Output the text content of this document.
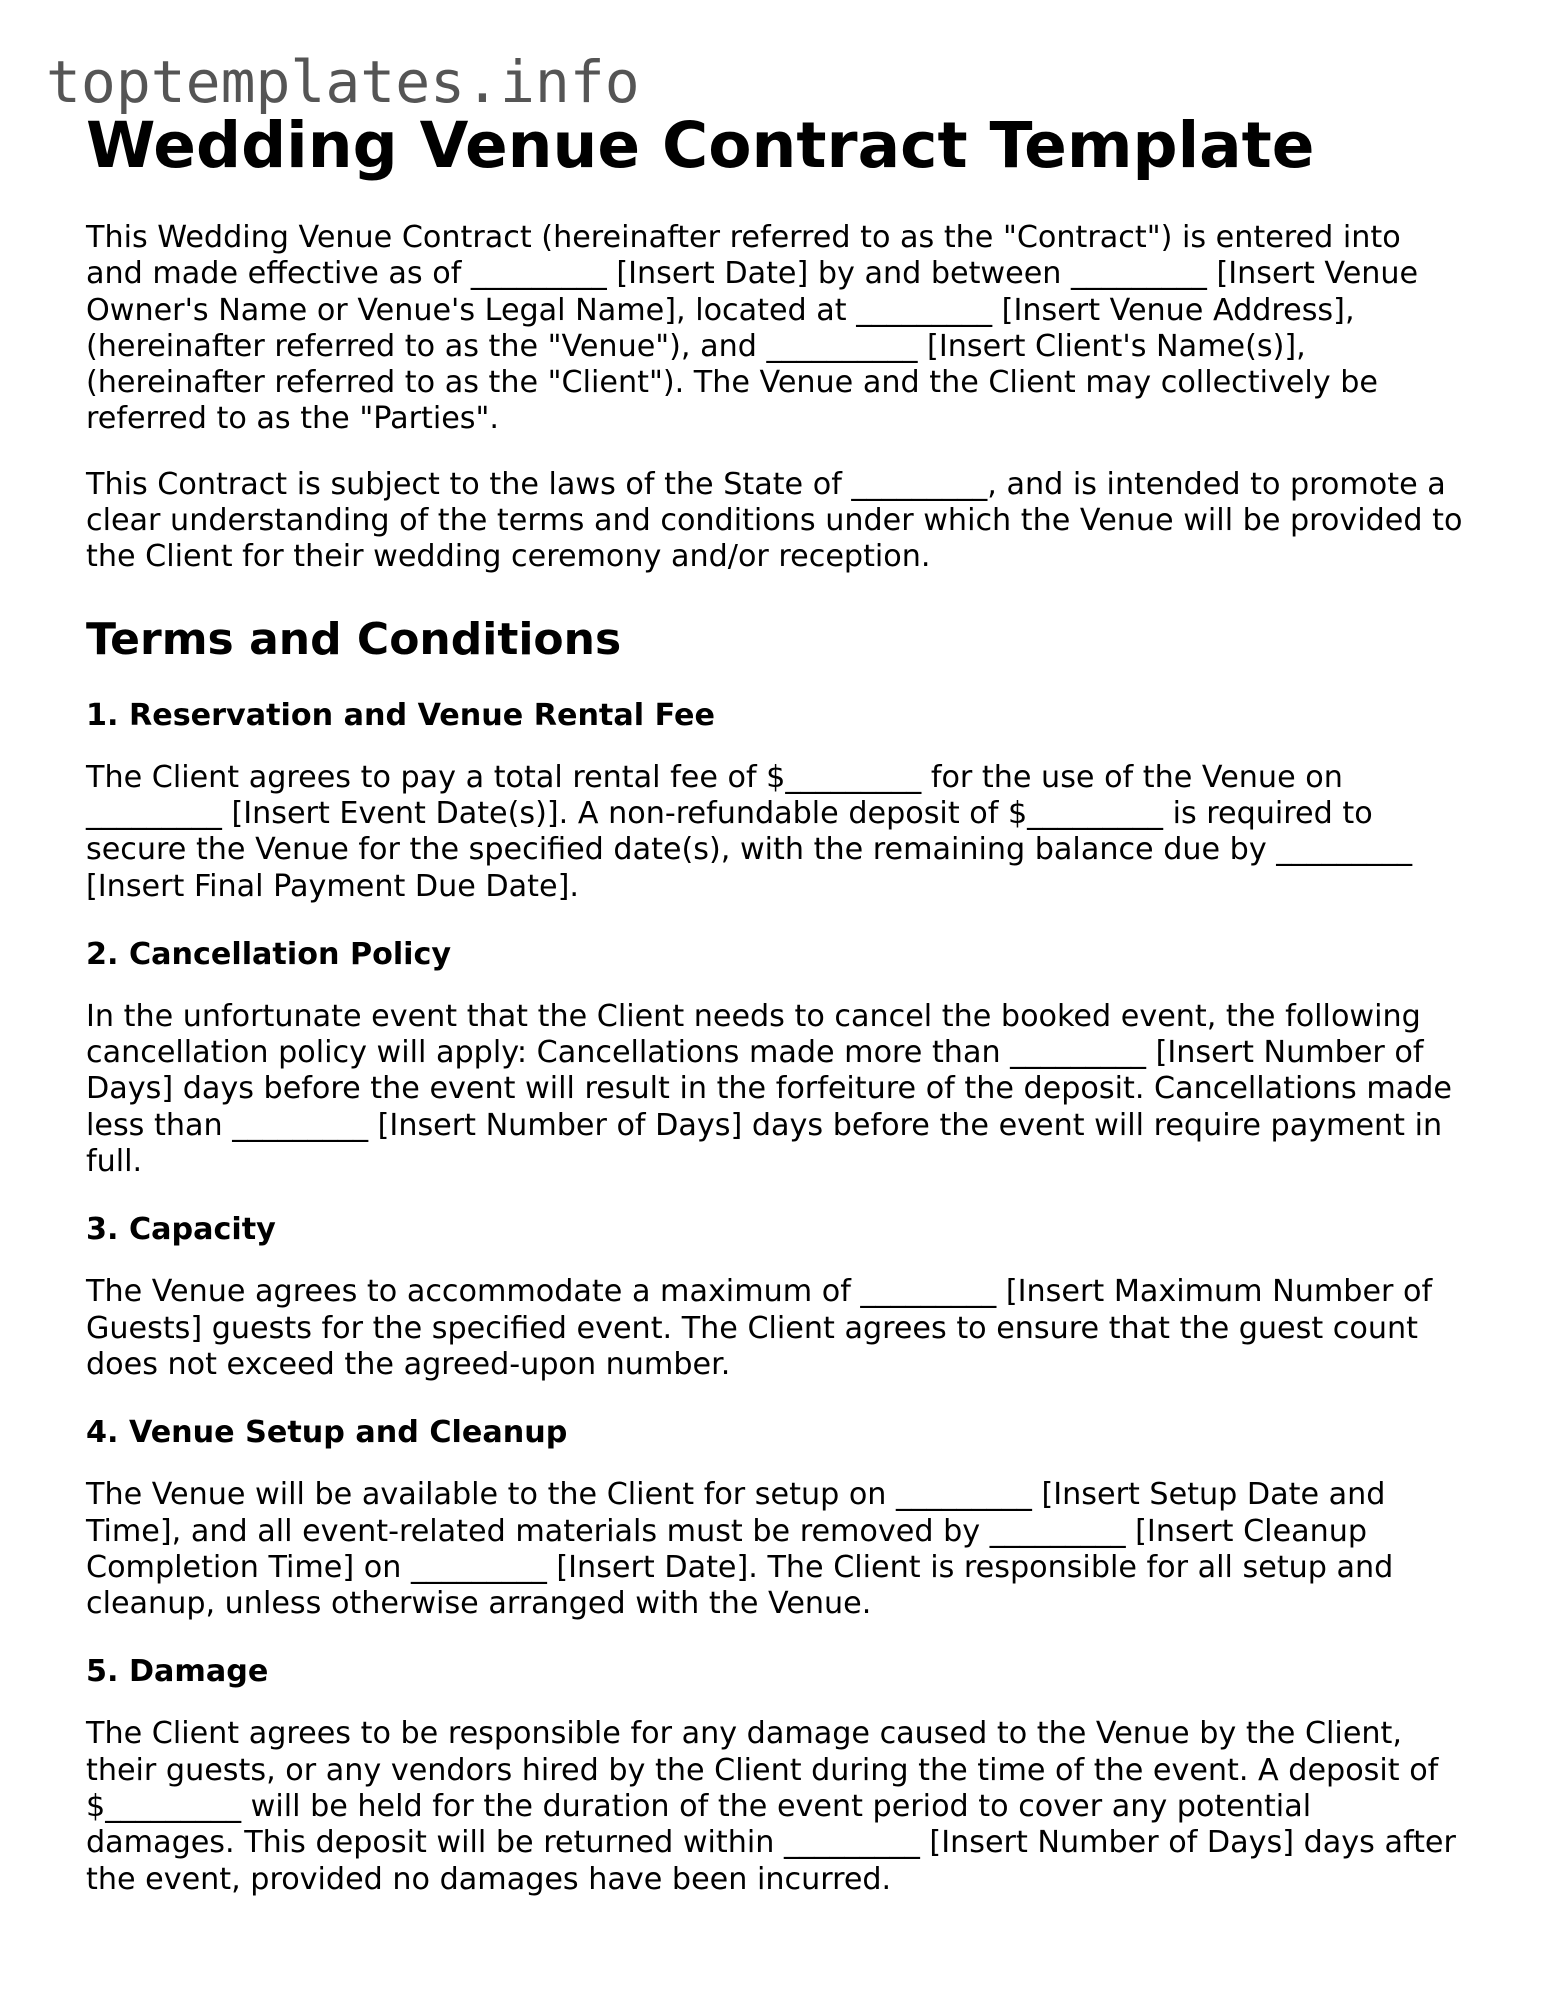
toptemplates.info
Wedding Venue Contract Template

This Wedding Venue Contract (hereinafter referred to as the "Contract") is entered into
and made effective as of _________ [Insert Date] by and between _________ [Insert Venue
Owner's Name or Venue's Legal Name], located at _________ [Insert Venue Address],
(hereinafter referred to as the "Venue"), and __________ [Insert Client's Name(s)],
(hereinafter referred to as the "Client"). The Venue and the Client may collectively be
referred to as the "Parties".

This Contract is subject to the laws of the State of _________, and is intended to promote a
clear understanding of the terms and conditions under which the Venue will be provided to
the Client for their wedding ceremony and/or reception.

Terms and Conditions
1. Reservation and Venue Rental Fee

The Client agrees to pay a total rental fee of $_________ for the use of the Venue on
_________ [Insert Event Date(s)]. A non-refundable deposit of $_________ is required to
secure the Venue for the specified date(s), with the remaining balance due by _________
[Insert Final Payment Due Date].

2. Cancellation Policy

In the unfortunate event that the Client needs to cancel the booked event, the following
cancellation policy will apply: Cancellations made more than _________ [Insert Number of
Days] days before the event will result in the forfeiture of the deposit. Cancellations made
less than _________ [Insert Number of Days] days before the event will require payment in
full.

3. Capacity

The Venue agrees to accommodate a maximum of _________ [Insert Maximum Number of
Guests] guests for the specified event. The Client agrees to ensure that the guest count
does not exceed the agreed-upon number.

4. Venue Setup and Cleanup

The Venue will be available to the Client for setup on _________ [Insert Setup Date and
Time], and all event-related materials must be removed by _________ [Insert Cleanup
Completion Time] on _________ [Insert Date]. The Client is responsible for all setup and
cleanup, unless otherwise arranged with the Venue.

5. Damage

The Client agrees to be responsible for any damage caused to the Venue by the Client,
their guests, or any vendors hired by the Client during the time of the event. A deposit of
$_________ will be held for the duration of the event period to cover any potential
damages. This deposit will be returned within _________ [Insert Number of Days] days after
the event, provided no damages have been incurred.
